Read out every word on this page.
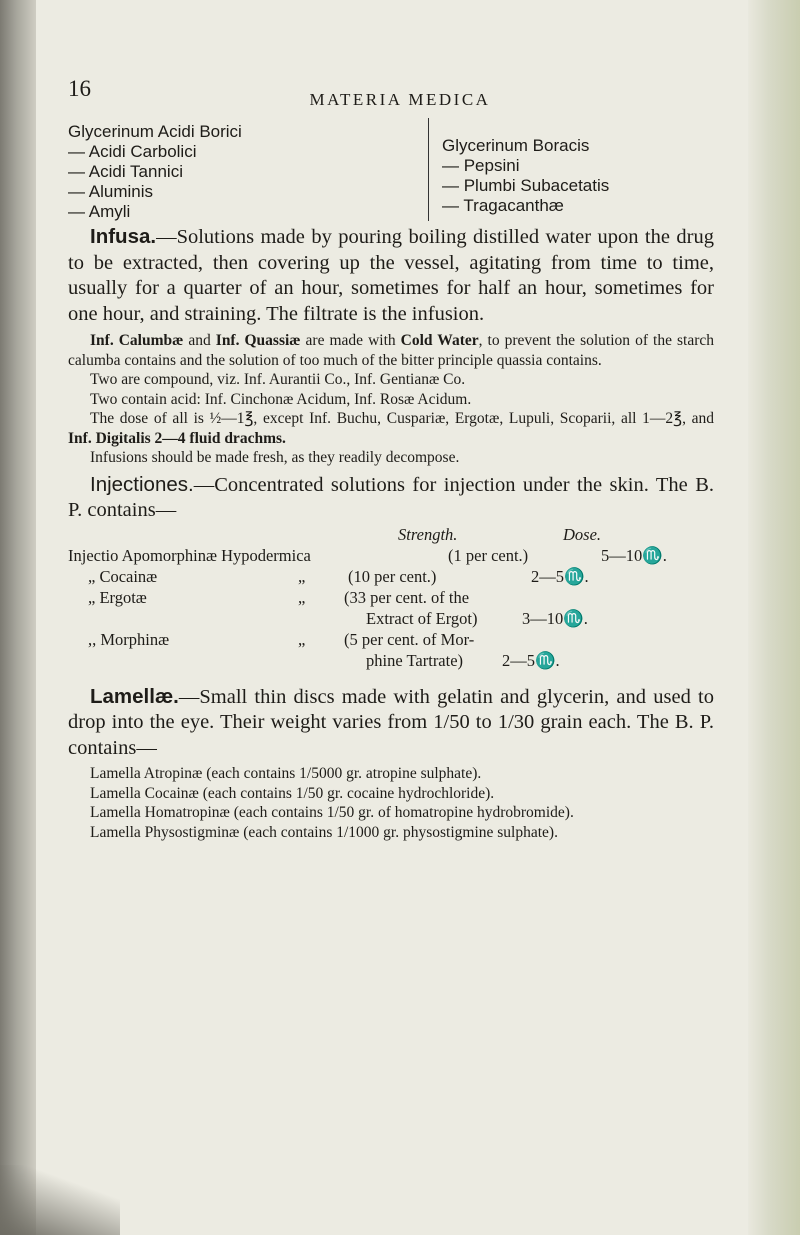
16	MATERIA MEDICA
Glycerinum Acidi Borici
— Acidi Carbolici
— Acidi Tannici
— Aluminis
— Amyli
Glycerinum Boracis
— Pepsini
— Plumbi Subacetatis
— Tragacanthæ

Infusa.—Solutions made by pouring boiling distilled water upon the drug to be extracted, then covering up the vessel, agitating from time to time, usually for a quarter of an hour, sometimes for half an hour, sometimes for one hour, and straining. The filtrate is the infusion.

Inf. Calumbæ and Inf. Quassiæ are made with Cold Water, to prevent the solution of the starch calumba contains and the solution of too much of the bitter principle quassia contains.

Two are compound, viz. Inf. Aurantii Co., Inf. Gentianæ Co.

Two contain acid: Inf. Cinchonæ Acidum, Inf. Rosæ Acidum.

The dose of all is ½—1℥, except Inf. Buchu, Cuspariæ, Ergotæ, Lupuli, Scoparii, all 1—2℥, and Inf. Digitalis 2—4 fluid drachms.

Infusions should be made fresh, as they readily decompose.

Injectiones.—Concentrated solutions for injection under the skin. The B. P. contains—

Strength.	Dose.
Injectio Apomorphinæ Hypodermica	(1 per cent.)	5—10♏.
„ Cocainæ	„	(10 per cent.)	2—5♏.
„ Ergotæ	„ (33 per cent. of the
Extract of Ergot)	3—10♏.
,, Morphinæ	„ (5 per cent. of Mor-
phine Tartrate) 2—5♏.

Lamellæ.—Small thin discs made with gelatin and glycerin, and used to drop into the eye. Their weight varies from 1/50 to 1/30 grain each. The B. P. contains—

Lamella Atropinæ (each contains 1/5000 gr. atropine sulphate).

Lamella Cocainæ (each contains 1/50 gr. cocaine hydrochloride).

Lamella Homatropinæ (each contains 1/50 gr. of homatropine hydrobromide).

Lamella Physostigminæ (each contains 1/1000 gr. physostigmine sulphate).
